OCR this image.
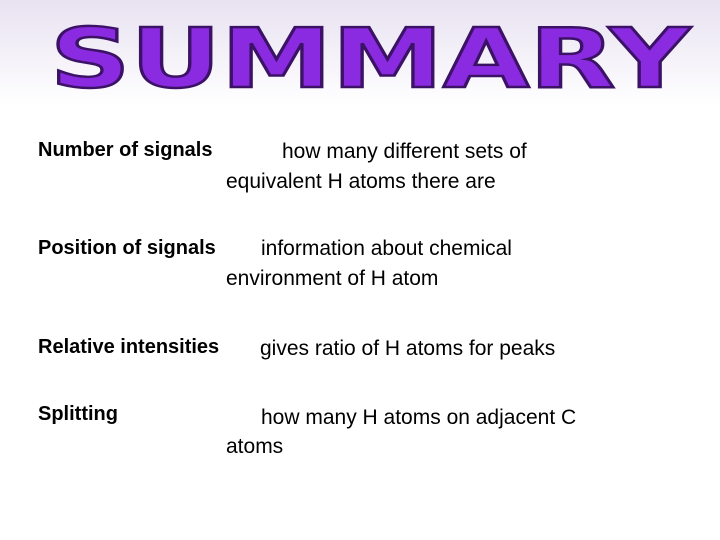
SUMMARY
Number of signals	how many different sets of
equivalent H atoms there are
Position of signals information about chemical
environment of H atom
Relative intensities gives ratio of H atoms for peaks
Splitting	how many H atoms on adjacent C
atoms
